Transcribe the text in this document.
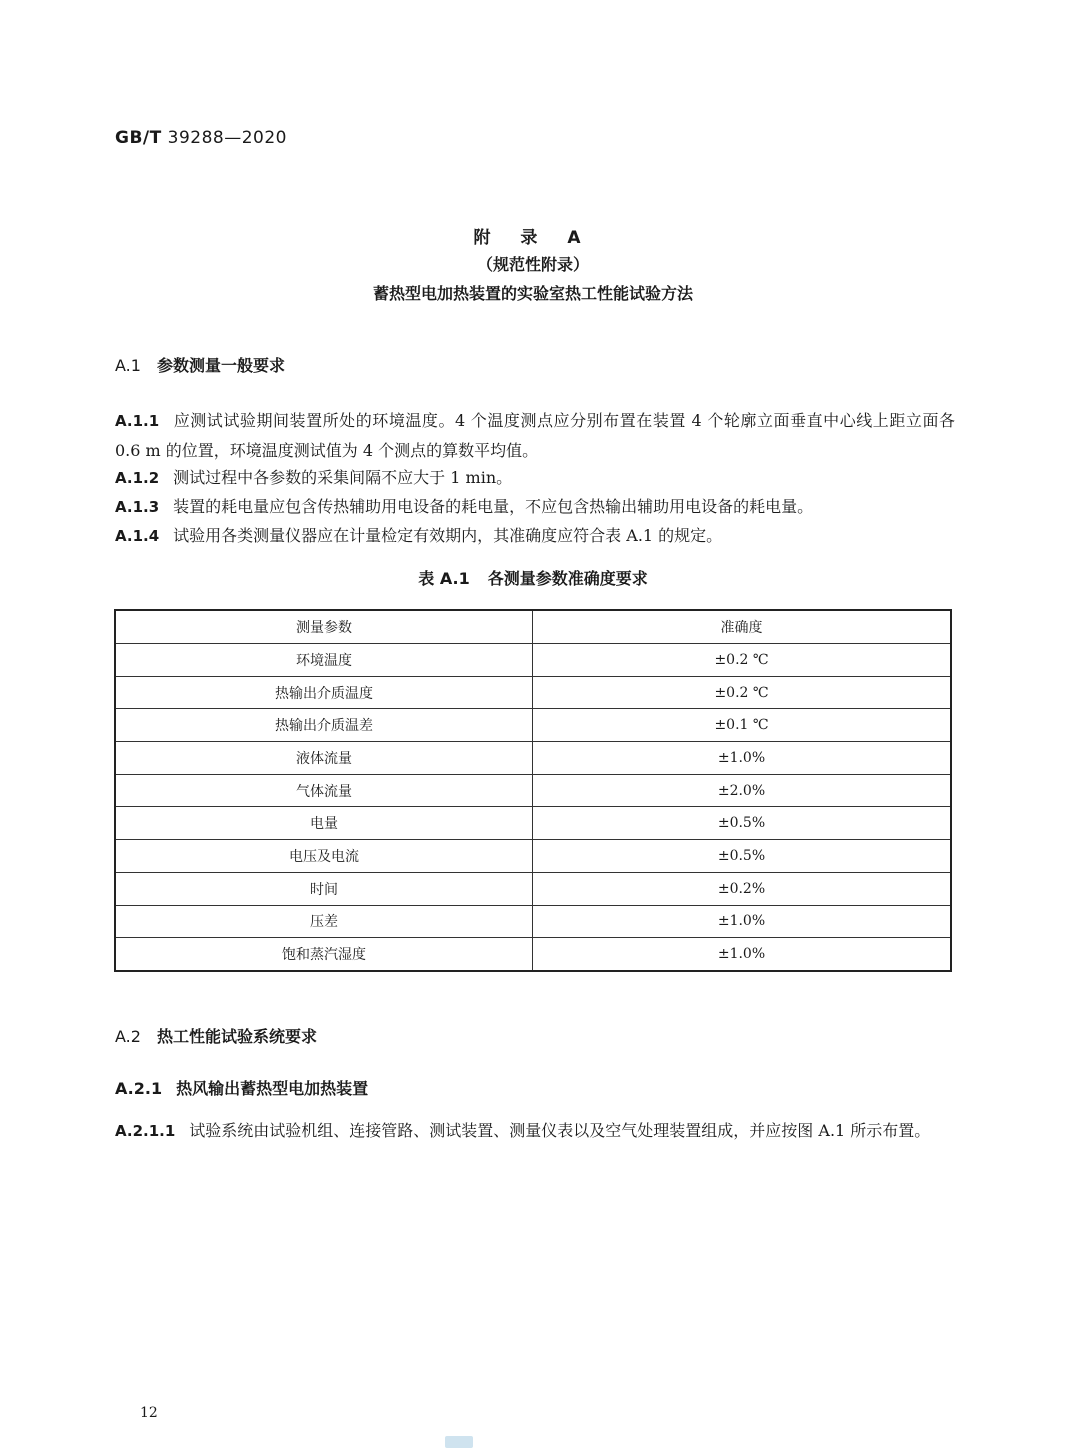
GB/T 39288—2020
附 录 A
（规范性附录）
蓄热型电加热装置的实验室热工性能试验方法
A.1 参数测量一般要求
A.1.1 应测试试验期间装置所处的环境温度。4 个温度测点应分别布置在装置 4 个轮廓立面垂直中心线上距立面各 0.6 m 的位置，环境温度测试值为 4 个测点的算数平均值。
A.1.2 测试过程中各参数的采集间隔不应大于 1 min。
A.1.3 装置的耗电量应包含传热辅助用电设备的耗电量，不应包含热输出辅助用电设备的耗电量。
A.1.4 试验用各类测量仪器应在计量检定有效期内，其准确度应符合表 A.1 的规定。
表 A.1 各测量参数准确度要求
测量参数	准确度
环境温度	±0.2 ℃
热输出介质温度	±0.2 ℃
热输出介质温差	±0.1 ℃
液体流量	±1.0%
气体流量	±2.0%
电量	±0.5%
电压及电流	±0.5%
时间	±0.2%
压差	±1.0%
饱和蒸汽湿度	±1.0%
A.2 热工性能试验系统要求
A.2.1 热风输出蓄热型电加热装置
A.2.1.1 试验系统由试验机组、连接管路、测试装置、测量仪表以及空气处理装置组成，并应按图 A.1 所示布置。
12
